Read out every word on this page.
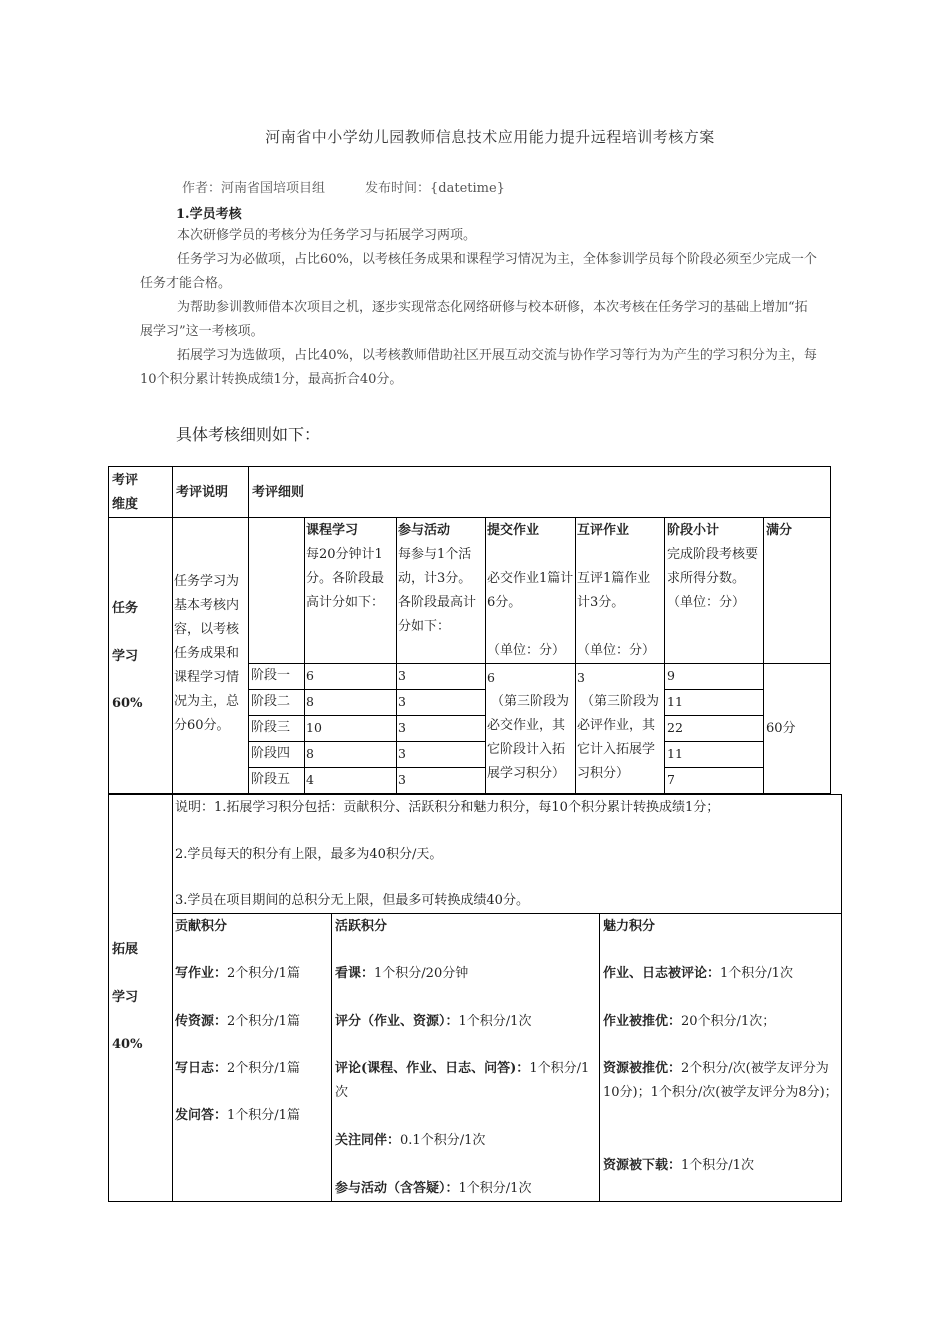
河南省中小学幼儿园教师信息技术应用能力提升远程培训考核方案
作者：河南省国培项目组	发布时间：{datetime}
1.学员考核
本次研修学员的考核分为任务学习与拓展学习两项。
任务学习为必做项，占比60%，以考核任务成果和课程学习情况为主，全体参训学员每个阶段必须至少完成一个任务才能合格。
为帮助参训教师借本次项目之机，逐步实现常态化网络研修与校本研修，本次考核在任务学习的基础上增加“拓展学习”这一考核项。
拓展学习为选做项，占比40%，以考核教师借助社区开展互动交流与协作学习等行为为产生的学习积分为主，每10个积分累计转换成绩1分，最高折合40分。
具体考核细则如下：
考评
维度
考评说明 考评细则
任务
学习
60%
任务学习为基本考核内容，以考核任务成果和课程学习情况为主，总分60分。
课程学习
每20分钟计1分。各阶段最高计分如下：
参与活动
每参与1个活动，计3分。各阶段最高计分如下：
提交作业
必交作业1篇计6分。
（单位：分）
互评作业
互评1篇作业计3分。
（单位：分）
阶段小计
完成阶段考核要求所得分数。（单位：分）
满分
阶段一
阶段二
阶段三
阶段四
阶段五
6
8
10
8
4
3
3
3
3
3
6
（第三阶段为必交作业，其它阶段计入拓展学习积分）
3
（第三阶段为必评作业，其它计入拓展学习积分）
9
11
22
11
7
60分
拓展
学习
40%
说明：1.拓展学习积分包括：贡献积分、活跃积分和魅力积分，每10个积分累计转换成绩1分；
2.学员每天的积分有上限，最多为40积分/天。
3.学员在项目期间的总积分无上限，但最多可转换成绩40分。
贡献积分
写作业：2个积分/1篇
传资源：2个积分/1篇
写日志：2个积分/1篇
发问答：1个积分/1篇
活跃积分
看课：1个积分/20分钟
评分（作业、资源）：1个积分/1次
评论(课程、作业、日志、问答)：1个积分/1次
关注同伴：0.1个积分/1次
参与活动（含答疑）：1个积分/1次
魅力积分
作业、日志被评论：1个积分/1次
作业被推优：20个积分/1次；
资源被推优：2个积分/次(被学友评分为10分)；1个积分/次(被学友评分为8分)；
资源被下载：1个积分/1次
